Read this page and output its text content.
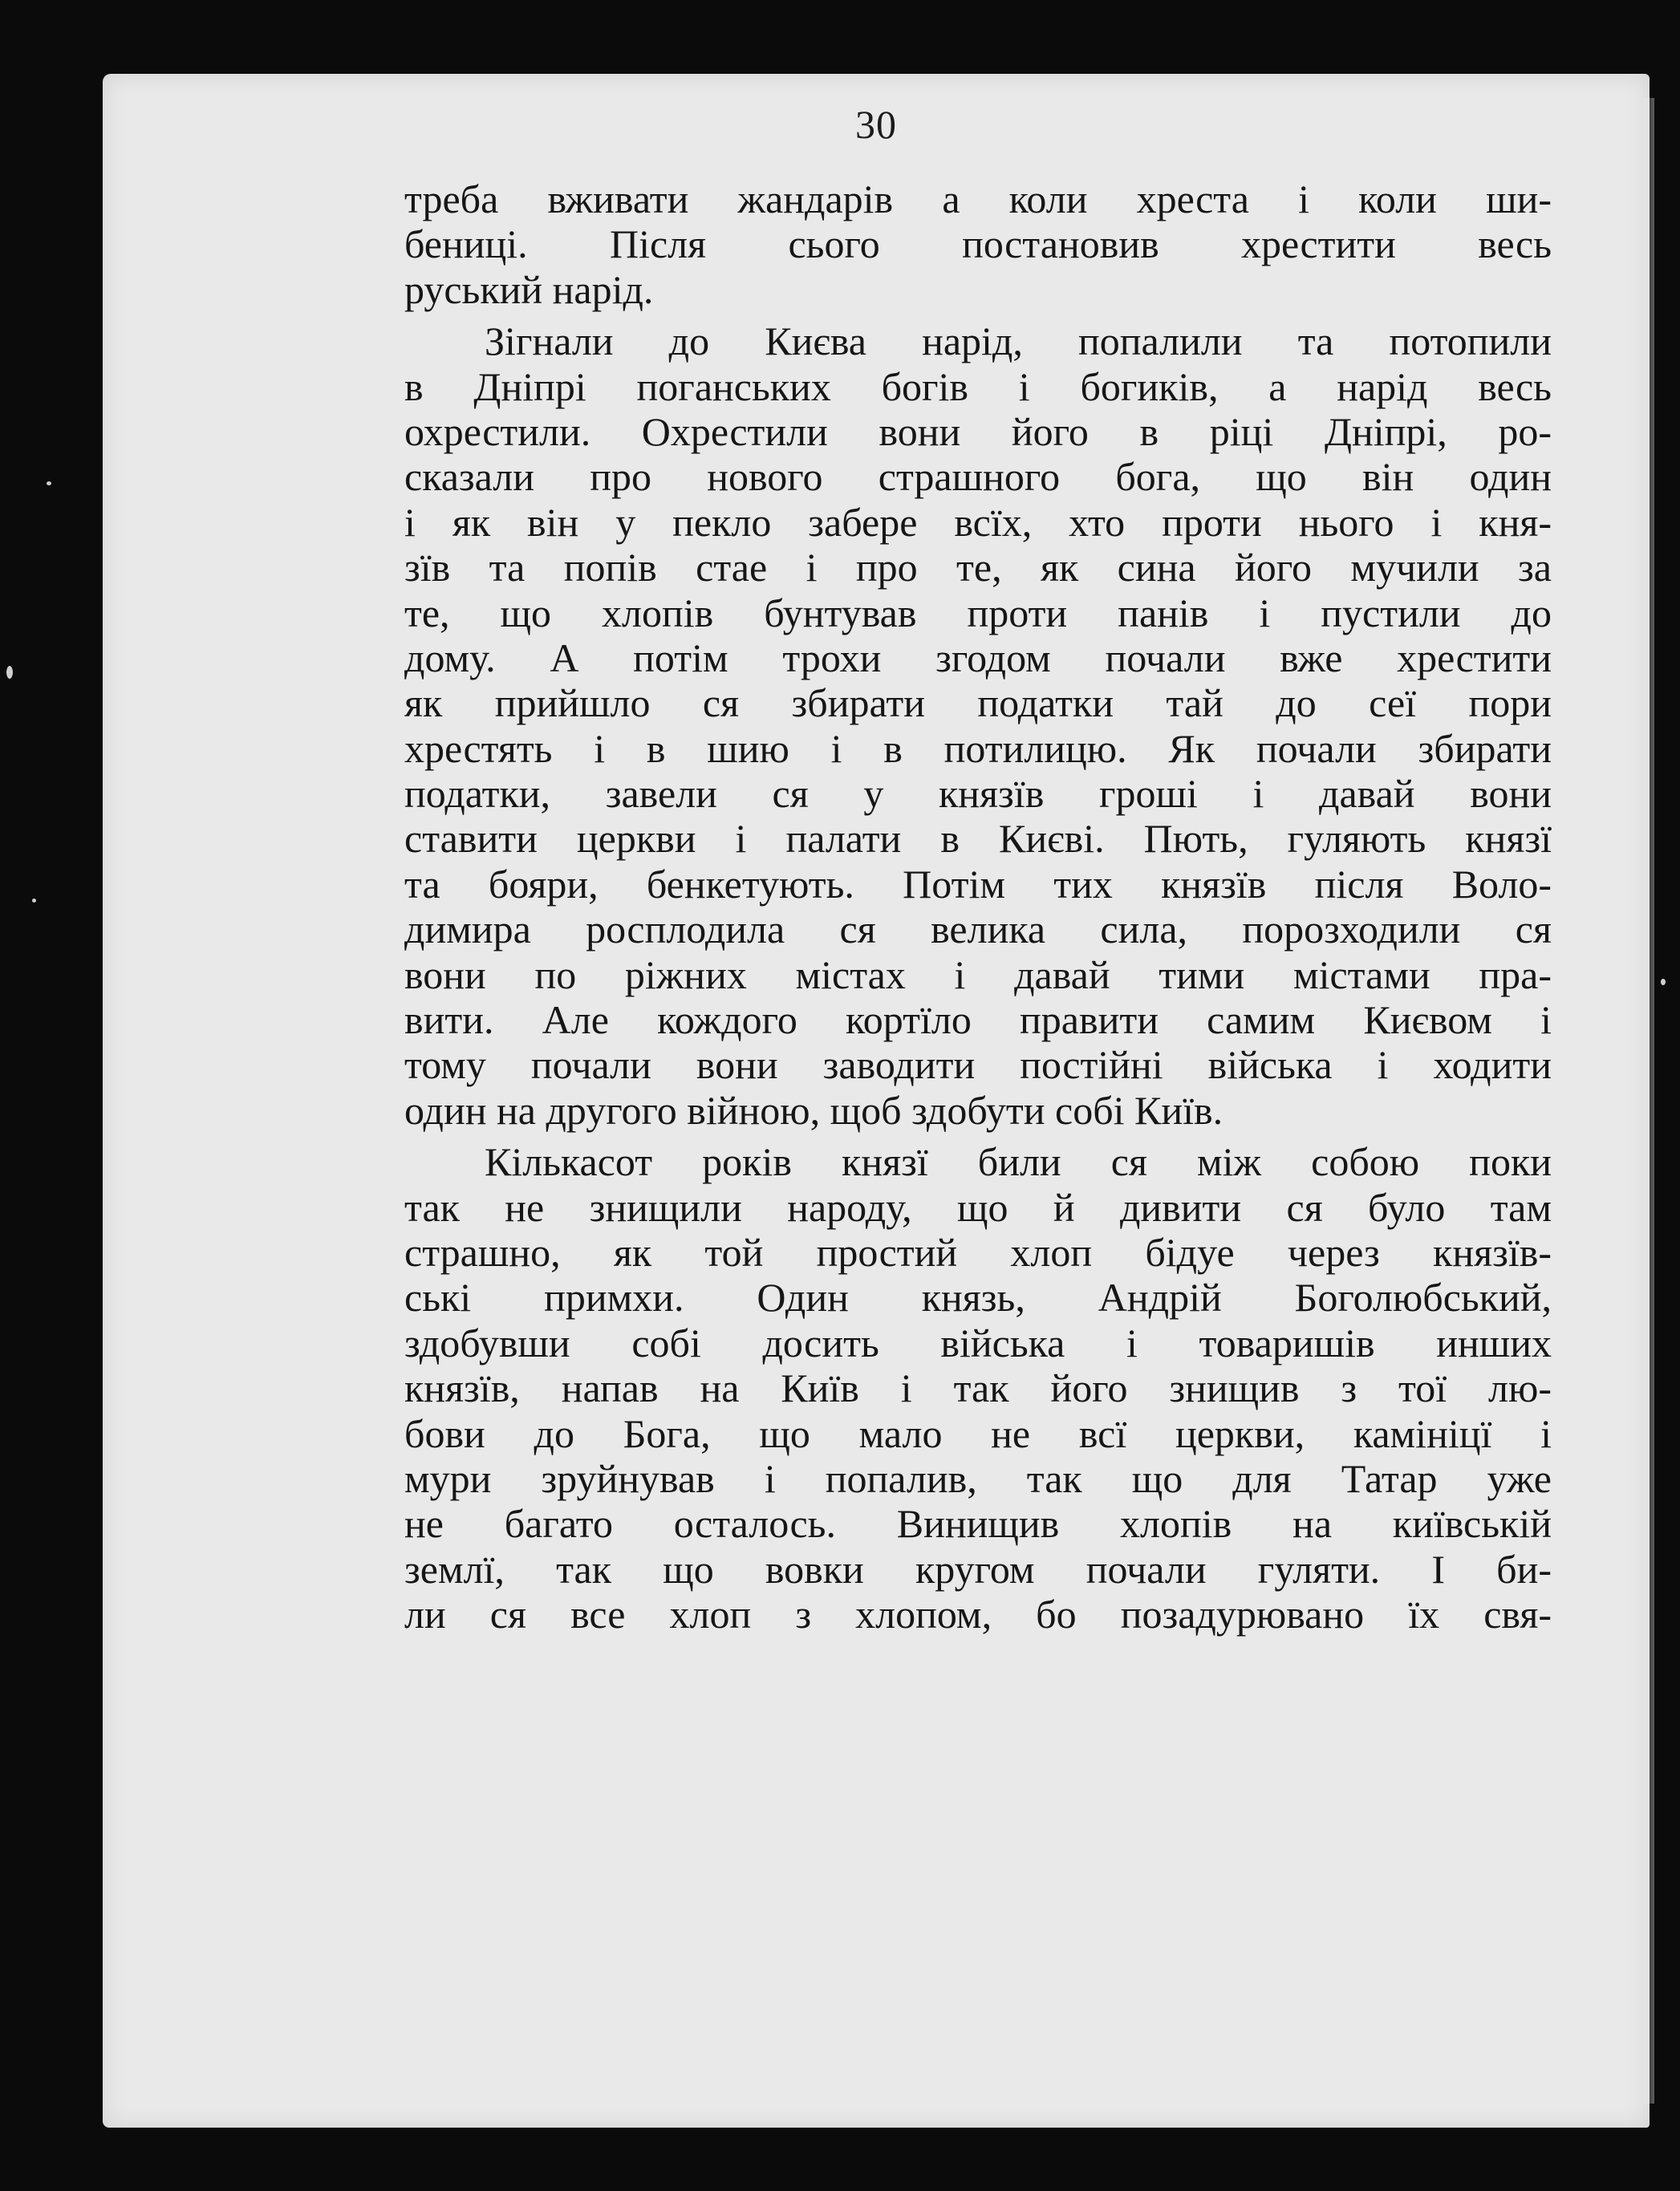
30
треба вживати жандарів а коли хреста і коли ши-
бениці. Після сього постановив хрестити весь
руський нарід.
Зігнали до Києва нарід, попалили та потопили
в Дніпрі поганських богів і богиків, а нарід весь
охрестили. Охрестили вони його в ріці Дніпрі, ро-
сказали про нового страшного бога, що він один
і як він у пекло забере всїх, хто проти нього і кня-
зїв та попів стае і про те, як сина його мучили за
те, що хлопів бунтував проти панів і пустили до
дому. А потім трохи згодом почали вже хрестити
як прийшло ся збирати податки тай до сеї пори
хрестять і в шию і в потилицю. Як почали збирати
податки, завели ся у князїв гроші і давай вони
ставити церкви і палати в Києві. Пють, гуляють князї
та бояри, бенкетують. Потім тих князїв після Воло-
димира росплодила ся велика сила, порозходили ся
вони по ріжних містах і давай тими містами пра-
вити. Але кождого кортїло правити самим Києвом і
тому почали вони заводити постійні війська і ходити
один на другого війною, щоб здобути собі Київ.
Кількасот років князї били ся між собою поки
так не знищили народу, що й дивити ся було там
страшно, як той простий хлоп бідуе через князїв-
ські примхи. Один князь, Андрій Боголюбський,
здобувши собі досить війська і товаришів инших
князїв, напав на Київ і так його знищив з тої лю-
бови до Бога, що мало не всї церкви, камініцї і
мури зруйнував і попалив, так що для Татар уже
не багато осталось. Винищив хлопів на київській
землї, так що вовки кругом почали гуляти. І би-
ли ся все хлоп з хлопом, бо позадурювано їх свя-
